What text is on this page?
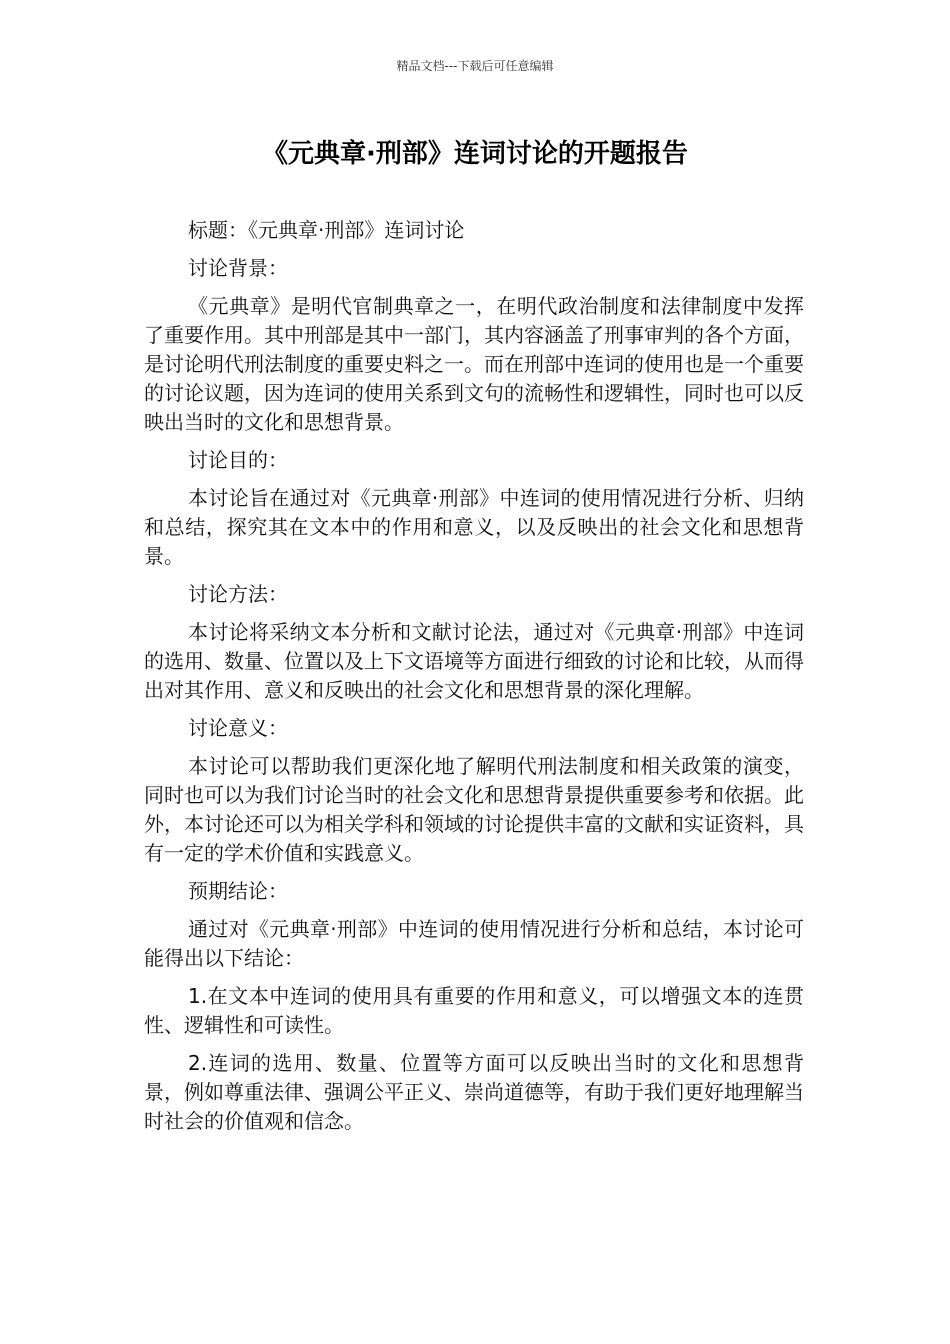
精品文档---下载后可任意编辑
《元典章·刑部》连词讨论的开题报告

标题：《元典章·刑部》连词讨论

讨论背景：

《元典章》是明代官制典章之一，在明代政治制度和法律制度中发挥了重要作用。其中刑部是其中一部门，其内容涵盖了刑事审判的各个方面，是讨论明代刑法制度的重要史料之一。而在刑部中连词的使用也是一个重要的讨论议题，因为连词的使用关系到文句的流畅性和逻辑性，同时也可以反映出当时的文化和思想背景。

讨论目的：

本讨论旨在通过对《元典章·刑部》中连词的使用情况进行分析、归纳和总结，探究其在文本中的作用和意义，以及反映出的社会文化和思想背景。

讨论方法：

本讨论将采纳文本分析和文献讨论法，通过对《元典章·刑部》中连词的选用、数量、位置以及上下文语境等方面进行细致的讨论和比较，从而得出对其作用、意义和反映出的社会文化和思想背景的深化理解。

讨论意义：

本讨论可以帮助我们更深化地了解明代刑法制度和相关政策的演变，同时也可以为我们讨论当时的社会文化和思想背景提供重要参考和依据。此外，本讨论还可以为相关学科和领域的讨论提供丰富的文献和实证资料，具有一定的学术价值和实践意义。

预期结论：

通过对《元典章·刑部》中连词的使用情况进行分析和总结，本讨论可能得出以下结论：

1.在文本中连词的使用具有重要的作用和意义，可以增强文本的连贯性、逻辑性和可读性。

2.连词的选用、数量、位置等方面可以反映出当时的文化和思想背景，例如尊重法律、强调公平正义、崇尚道德等，有助于我们更好地理解当时社会的价值观和信念。
